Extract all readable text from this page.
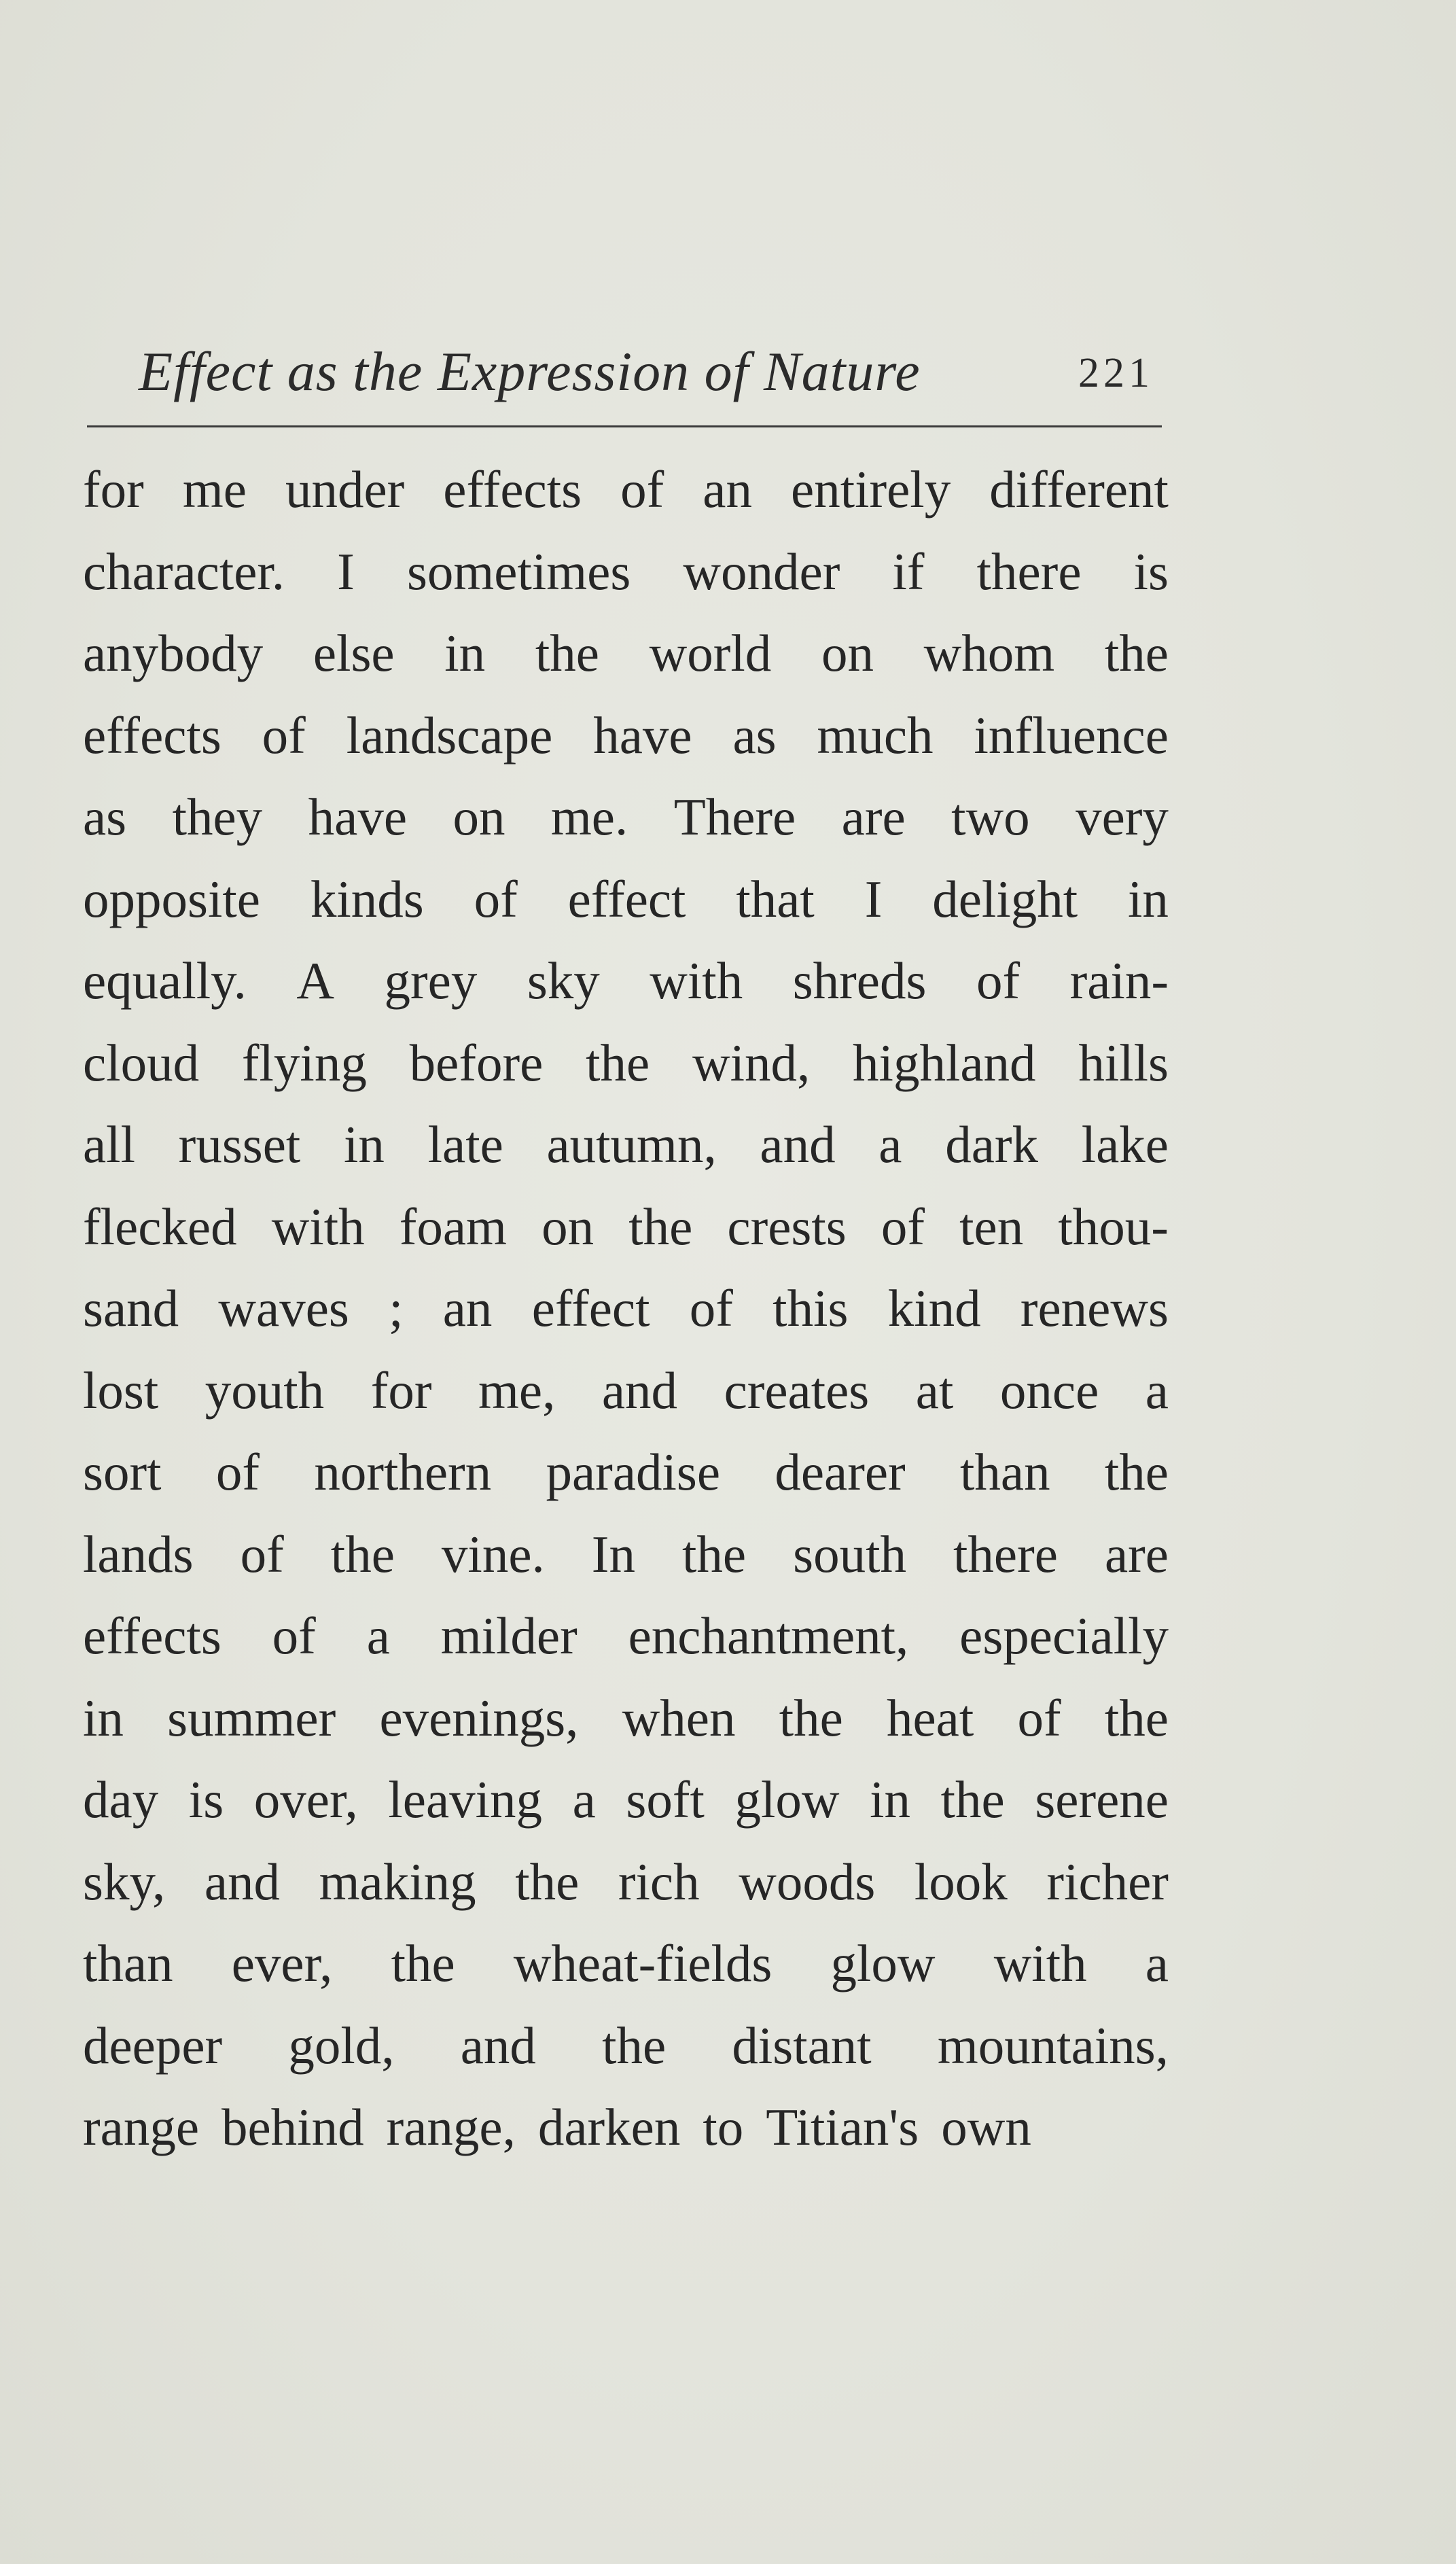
Effect as the Expression of Nature	221
for me under effects of an entirely different
character. I sometimes wonder if there is
anybody else in the world on whom the
effects of landscape have as much influence
as they have on me. There are two very
opposite kinds of effect that I delight in
equally. A grey sky with shreds of rain-
cloud flying before the wind, highland hills
all russet in late autumn, and a dark lake
flecked with foam on the crests of ten thou-
sand waves ; an effect of this kind renews
lost youth for me, and creates at once a
sort of northern paradise dearer than the
lands of the vine. In the south there are
effects of a milder enchantment, especially
in summer evenings, when the heat of the
day is over, leaving a soft glow in the serene
sky, and making the rich woods look richer
than ever, the wheat-fields glow with a
deeper gold, and the distant mountains,
range behind range, darken to Titian's own
